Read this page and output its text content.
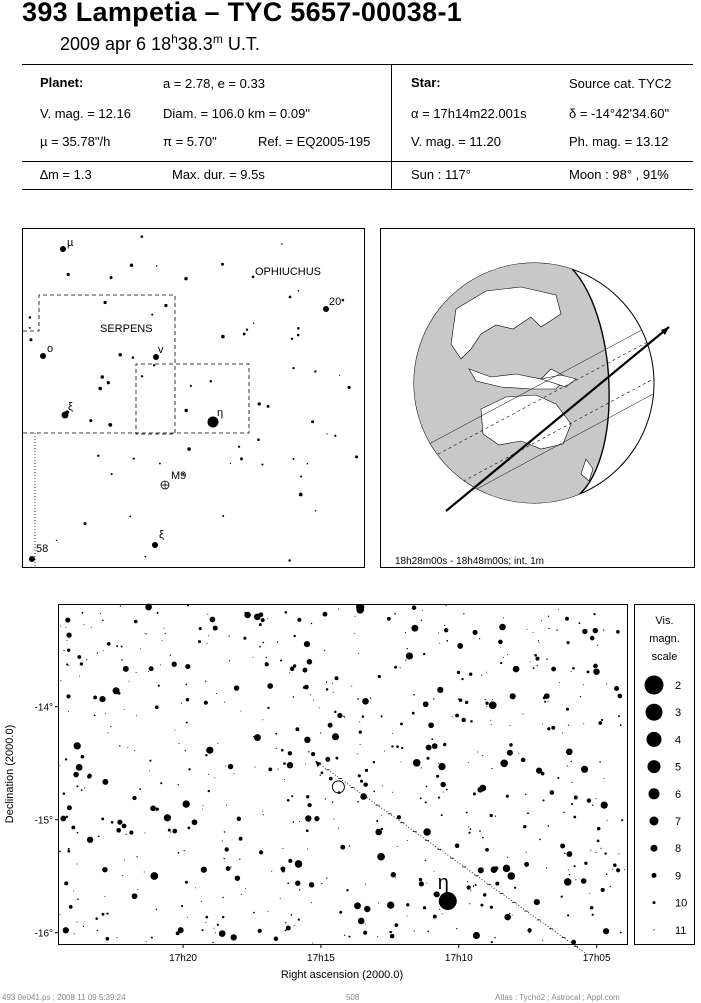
393 Lampetia – TYC 5657-00038-1
2009 apr 6 18$^h$38.3$^m$ U.T.
Planet:	a = 2.78, e = 0.33
V. mag. = 12.16 Diam. = 106.0 km = 0.09"
µ = 35.78"/h	π = 5.70"	Ref. = EQ2005-195
∆m = 1.3	Max. dur. = 9.5s
Star:	Source cat. TYC2
α = 17h14m22.001s	δ = -14°42'34.60"
V. mag. = 11.20	Ph. mag. = 13.12
Sun : 117°	Moon : 98° , 91%
OPHIUCHUS
SERPENS
µ
20
o	v
ξ	η
M9
ξ
58
18h28m00s - 18h48m00s; int. 1m
η
17h20	17h15	17h10	17h05
-14°
-15°
-16°
Right ascension (2000.0)
Declination (2000.0)
Vis.
magn.
scale
2
3
4
5
6
7
8
9
10
11
493 0e041.ps ; 2008 11 09 5:39:24	508	Atlas : Tycho2 ; Astrocal ; Appl.com
